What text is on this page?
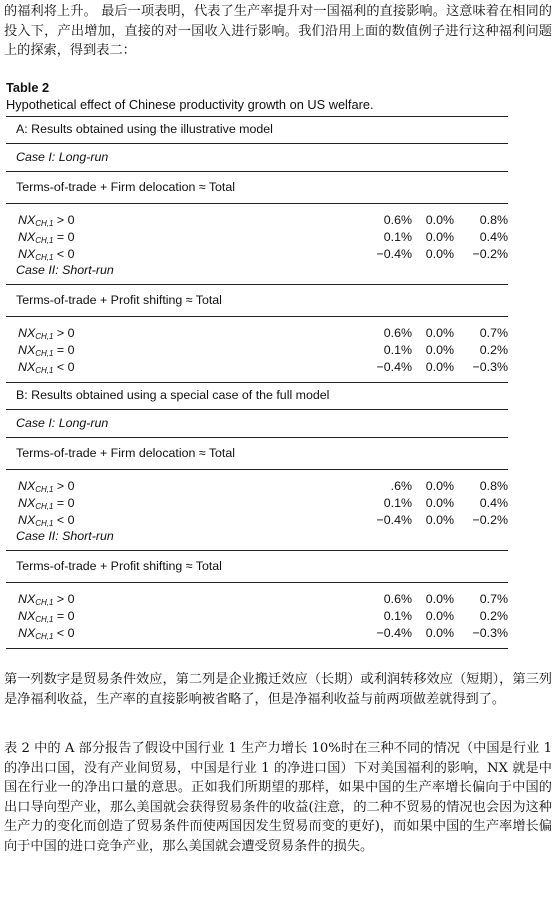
的福利将上升。 最后一项表明，代表了生产率提升对一国福利的直接影响。这意味着在相同的投入下，产出增加，直接的对一国收入进行影响。我们沿用上面的数值例子进行这种福利问题上的探索，得到表二：

Table 2
Hypothetical effect of Chinese productivity growth on US welfare.
A: Results obtained using the illustrative model
Case I: Long-run
Terms-of-trade + Firm delocation ≈ Total
$NX_{CH,1} > 0$	0.6%	0.0%	0.8%
$NX_{CH,1} = 0$	0.1%	0.0%	0.4%
$NX_{CH,1} < 0$	−0.4%	0.0%	−0.2%
Case II: Short-run
Terms-of-trade + Profit shifting ≈ Total
$NX_{CH,1} > 0$	0.6%	0.0%	0.7%
$NX_{CH,1} = 0$	0.1%	0.0%	0.2%
$NX_{CH,1} < 0$	−0.4%	0.0%	−0.3%
B: Results obtained using a special case of the full model
Case I: Long-run
Terms-of-trade + Firm delocation ≈ Total
$NX_{CH,1} > 0$	.6%	0.0%	0.8%
$NX_{CH,1} = 0$	0.1%	0.0%	0.4%
$NX_{CH,1} < 0$	−0.4%	0.0%	−0.2%
Case II: Short-run
Terms-of-trade + Profit shifting ≈ Total
$NX_{CH,1} > 0$	0.6%	0.0%	0.7%
$NX_{CH,1} = 0$	0.1%	0.0%	0.2%
$NX_{CH,1} < 0$	−0.4%	0.0%	−0.3%

第一列数字是贸易条件效应，第二列是企业搬迁效应（长期）或利润转移效应（短期），第三列是净福利收益，生产率的直接影响被省略了，但是净福利收益与前两项做差就得到了。

表 2 中的 A 部分报告了假设中国行业 1 生产力增长 10%时在三种不同的情况（中国是行业 1 的净出口国，没有产业间贸易，中国是行业 1 的净进口国）下对美国福利的影响，NX 就是中国在行业一的净出口量的意思。正如我们所期望的那样，如果中国的生产率增长偏向于中国的出口导向型产业，那么美国就会获得贸易条件的收益(注意，的二种不贸易的情况也会因为这种生产力的变化而创造了贸易条件而使两国因发生贸易而变的更好)，而如果中国的生产率增长偏向于中国的进口竞争产业，那么美国就会遭受贸易条件的损失。
